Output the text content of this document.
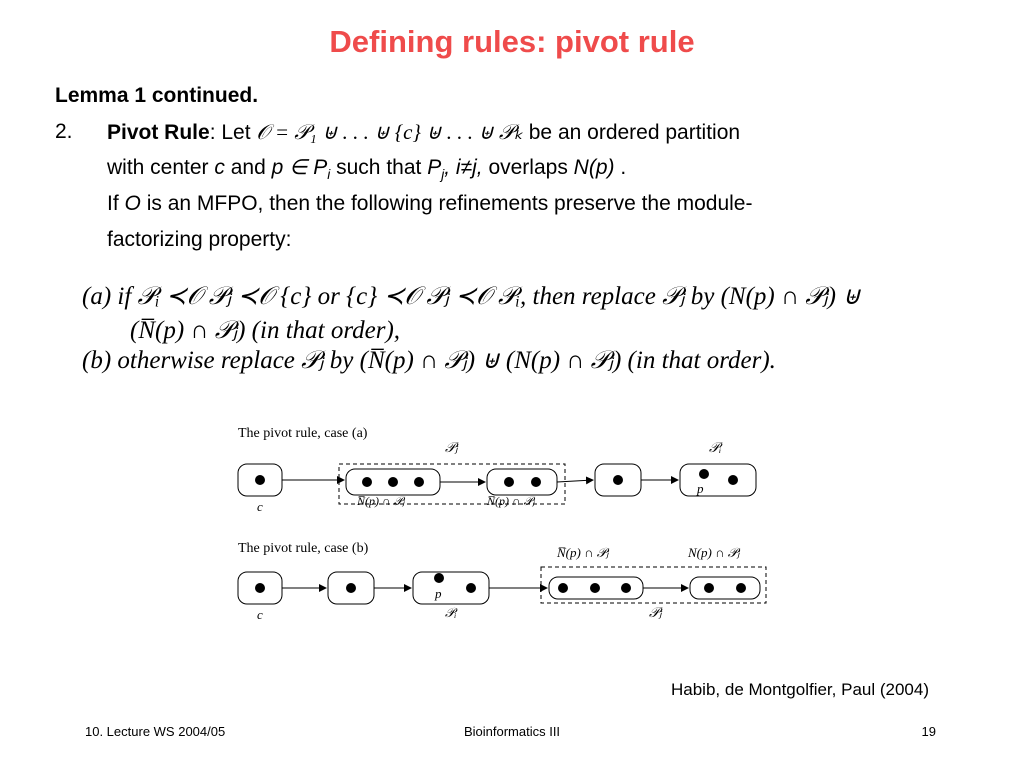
Defining rules: pivot rule
Lemma 1 continued.
2. Pivot Rule: Let 𝒪 = 𝒫₁ ⊎ . . . ⊎ {c} ⊎ . . . ⊎ 𝒫ₖ be an ordered partition
with center c and p ∈ $P_i$ such that $P_j$, i≠j, overlaps N(p) .
If O is an MFPO, then the following refinements preserve the module-
factorizing property:
(a) if 𝒫ᵢ ≺𝒪 𝒫ⱼ ≺𝒪 {c} or {c} ≺𝒪 𝒫ⱼ ≺𝒪 𝒫ᵢ, then replace 𝒫ⱼ by (N(p) ∩ 𝒫ⱼ) ⊎
(N̅(p) ∩ 𝒫ⱼ) (in that order),
(b) otherwise replace 𝒫ⱼ by (N̅(p) ∩ 𝒫ⱼ) ⊎ (N(p) ∩ 𝒫ⱼ) (in that order).
The pivot rule, case (a)
𝒫ⱼ	𝒫ᵢ
c	N̅(p) ∩ 𝒫ⱼ	N̅(p) ∩ 𝒫ⱼ
p
The pivot rule, case (b)	N̅(p) ∩ 𝒫ⱼ	N(p) ∩ 𝒫ⱼ
c
p
𝒫ᵢ	𝒫ⱼ
Habib, de Montgolfier, Paul (2004)
10. Lecture WS 2004/05	Bioinformatics III	19
